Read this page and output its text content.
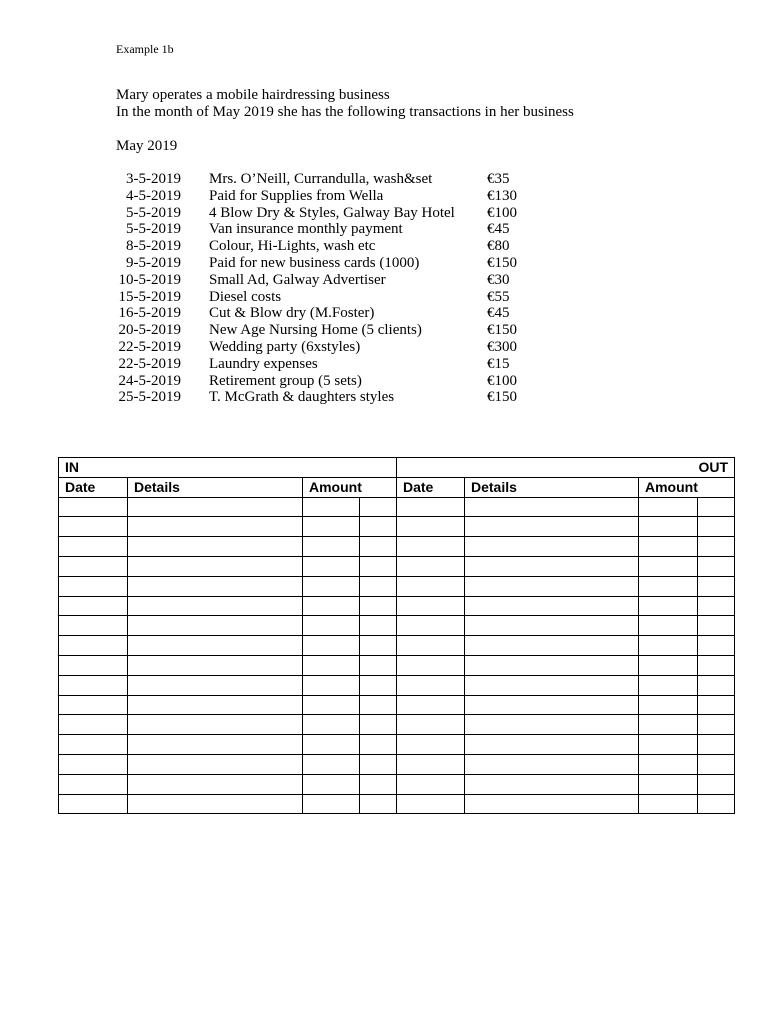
Example 1b
Mary operates a mobile hairdressing business
In the month of May 2019 she has the following transactions in her business
May 2019
3-5-2019	Mrs. O’Neill, Currandulla, wash&set	€35
4-5-2019	Paid for Supplies from Wella	€130
5-5-2019	4 Blow Dry & Styles, Galway Bay Hotel	€100
5-5-2019	Van insurance monthly payment	€45
8-5-2019	Colour, Hi-Lights, wash etc	€80
9-5-2019	Paid for new business cards (1000)	€150
10-5-2019	Small Ad, Galway Advertiser	€30
15-5-2019	Diesel costs	€55
16-5-2019	Cut & Blow dry (M.Foster)	€45
20-5-2019	New Age Nursing Home (5 clients)	€150
22-5-2019	Wedding party (6xstyles)	€300
22-5-2019	Laundry expenses	€15
24-5-2019	Retirement group (5 sets)	€100
25-5-2019	T. McGrath & daughters styles	€150
IN				OUT			
Date	Details	Amount		Date	Details	Amount	
